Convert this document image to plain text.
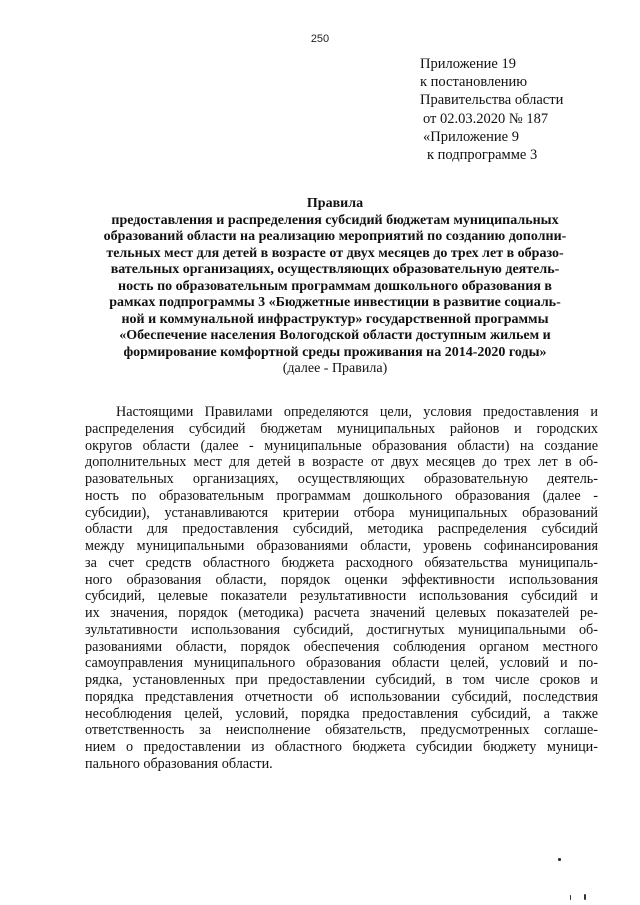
250
Приложение 19
к постановлению
Правительства области
от 02.03.2020 № 187
«Приложение 9
к подпрограмме 3
Правила
предоставления и распределения субсидий бюджетам муниципальных
образований области на реализацию мероприятий по созданию дополни-
тельных мест для детей в возрасте от двух месяцев до трех лет в образо-
вательных организациях, осуществляющих образовательную деятель-
ность по образовательным программам дошкольного образования в
рамках подпрограммы 3 «Бюджетные инвестиции в развитие социаль-
ной и коммунальной инфраструктур» государственной программы
«Обеспечение населения Вологодской области доступным жильем и
формирование комфортной среды проживания на 2014-2020 годы»
(далее - Правила)
Настоящими Правилами определяются цели, условия предоставления и
распределения субсидий бюджетам муниципальных районов и городских
округов области (далее - муниципальные образования области) на создание
дополнительных мест для детей в возрасте от двух месяцев до трех лет в об-
разовательных организациях, осуществляющих образовательную деятель-
ность по образовательным программам дошкольного образования (далее -
субсидии), устанавливаются критерии отбора муниципальных образований
области для предоставления субсидий, методика распределения субсидий
между муниципальными образованиями области, уровень софинансирования
за счет средств областного бюджета расходного обязательства муниципаль-
ного образования области, порядок оценки эффективности использования
субсидий, целевые показатели результативности использования субсидий и
их значения, порядок (методика) расчета значений целевых показателей ре-
зультативности использования субсидий, достигнутых муниципальными об-
разованиями области, порядок обеспечения соблюдения органом местного
самоуправления муниципального образования области целей, условий и по-
рядка, установленных при предоставлении субсидий, в том числе сроков и
порядка представления отчетности об использовании субсидий, последствия
несоблюдения целей, условий, порядка предоставления субсидий, а также
ответственность за неисполнение обязательств, предусмотренных соглаше-
нием о предоставлении из областного бюджета субсидии бюджету муници-
пального образования области.
